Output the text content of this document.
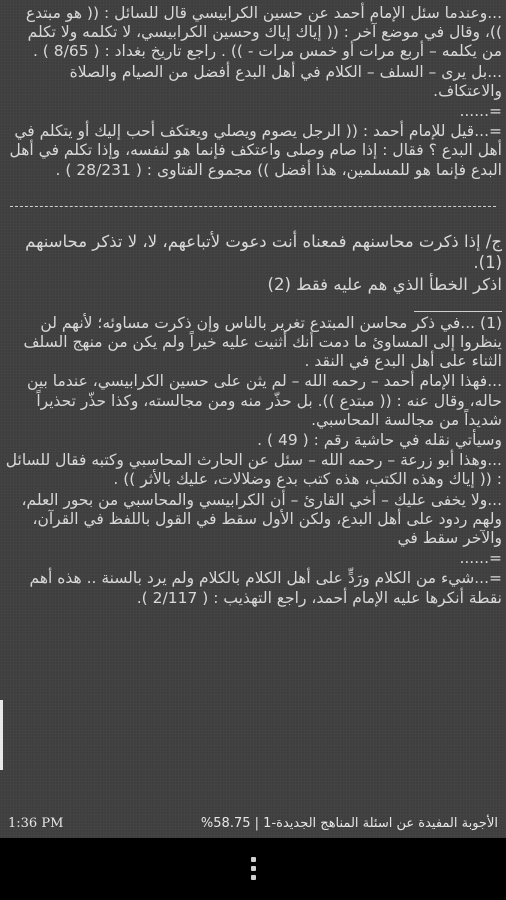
...وعندما سئل الإمام أحمد عن حسين الكرابيسي قال للسائل : (( هو مبتدع ))، وقال في موضع آخر : (( إياك إياك وحسين الكرابيسي، لا تكلمه ولا تكلم من يكلمه – أربع مرات أو خمس مرات - )) . راجع تاريخ بغداد : ( 8/65 ) .

...بل يرى – السلف – الكلام في أهل البدع أفضل من الصيام والصلاة والاعتكاف.

=......

=...قيل للإمام أحمد : (( الرجل يصوم ويصلي ويعتكف أحب إليك أو يتكلم في أهل البدع ؟ فقال : إذا صام وصلى واعتكف فإنما هو لنفسه، وإذا تكلم في أهل البدع فإنما هو للمسلمين، هذا أفضل )) مجموع الفتاوى : ( 28/231 ) .

ج/ إذا ذكرت محاسنهم فمعناه أنت دعوت لأتباعهم، لا، لا تذكر محاسنهم (1).

اذكر الخطأ الذي هم عليه فقط (2)

(1) ...في ذكر محاسن المبتدع تغرير بالناس وإن ذكرت مساوئه؛ لأنهم لن ينظروا إلى المساوئ ما دمت أنك أثنيت عليه خيراً ولم يكن من منهج السلف الثناء على أهل البدع في النقد .

...فهذا الإمام أحمد – رحمه الله – لم يثن على حسين الكرابيسي، عندما بين حاله، وقال عنه : (( مبتدع )). بل حذّر منه ومن مجالسته، وكذا حذّر تحذيراً شديداً من مجالسة المحاسبي.

وسيأتي نقله في حاشية رقم : ( 49 ) .

...وهذا أبو زرعة – رحمه الله – سئل عن الحارث المحاسبي وكتبه فقال للسائل : (( إياك وهذه الكتب، هذه كتب بدع وضلالات، عليك بالأثر )) .

...ولا يخفى عليك – أخي القارئ – أن الكرابيسي والمحاسبي من بحور العلم، ولهم ردود على أهل البدع، ولكن الأول سقط في القول باللفظ في القرآن، والآخر سقط في

=......

=...شيء من الكلام ورَدٍّ على أهل الكلام بالكلام ولم يرد بالسنة .. هذه أهم نقطة أنكرها عليه الإمام أحمد، راجع التهذيب : ( 2/117 ).

1:36 PM	الأجوبة المفيدة عن اسئلة المناهج الجديدة-1 | 58.75%
